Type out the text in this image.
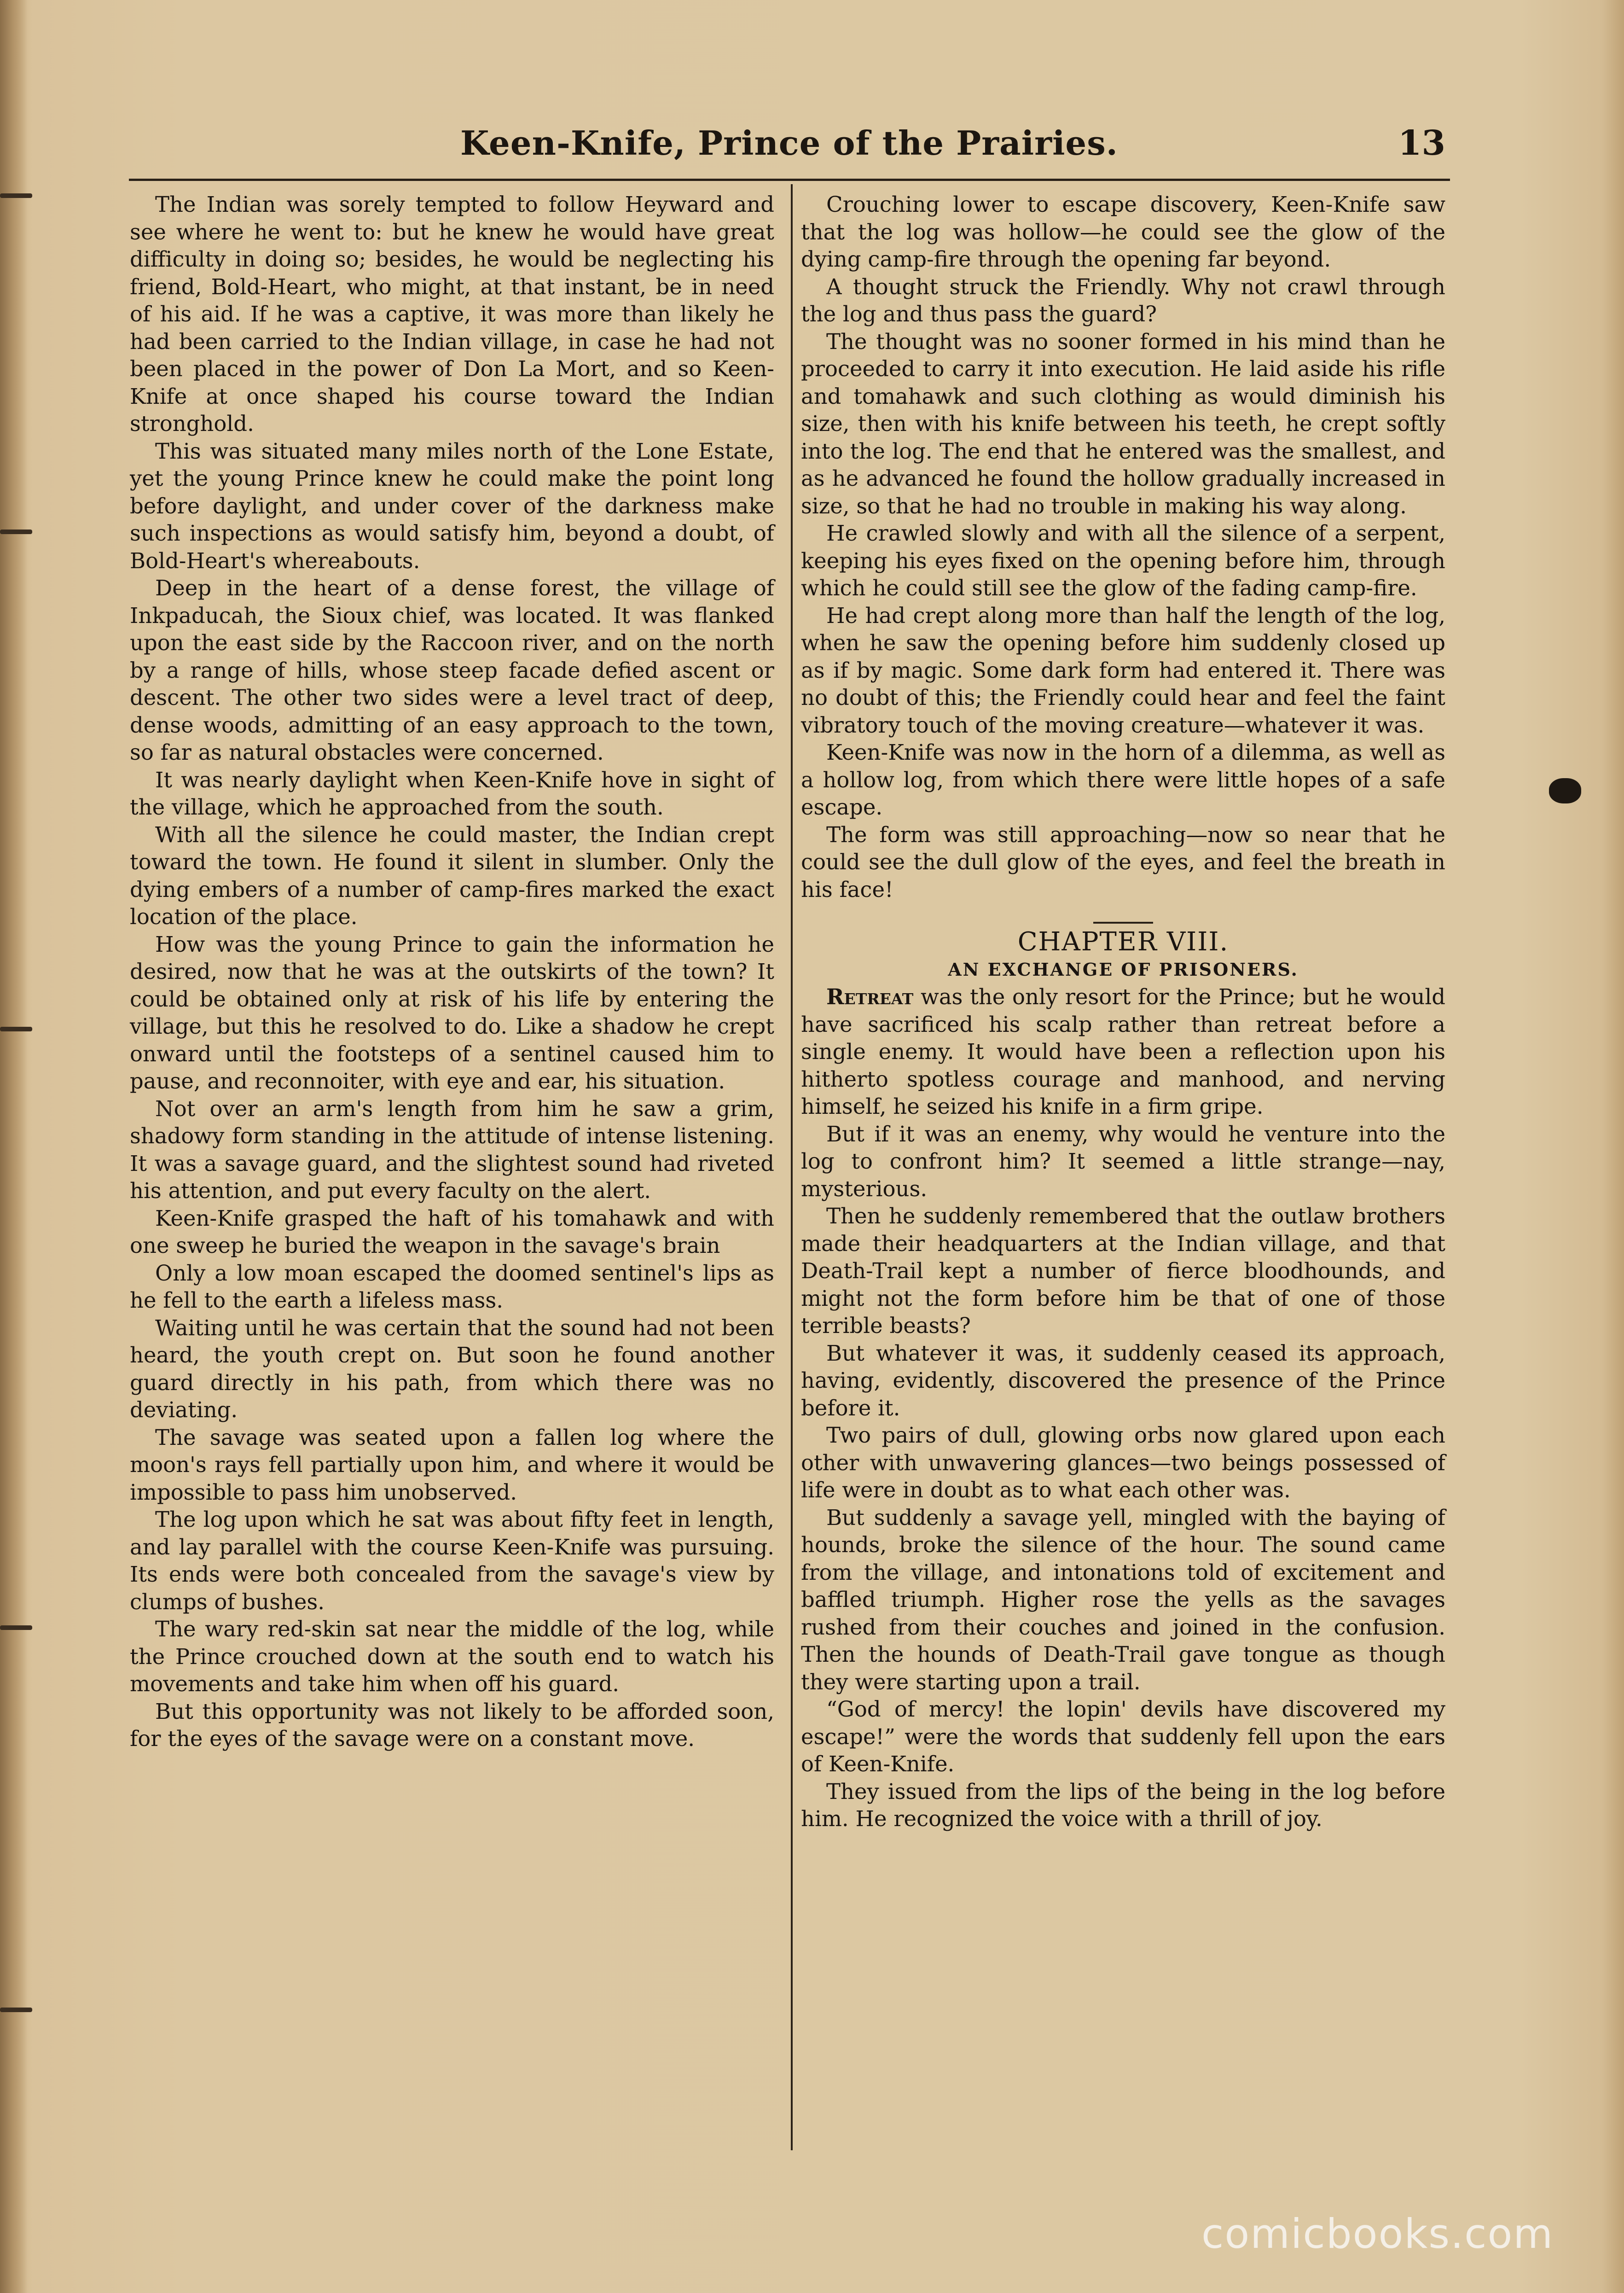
Keen-Knife, Prince of the Prairies.	13

The Indian was sorely tempted to follow Heyward and see where he went to: but he knew he would have great difficulty in doing so; besides, he would be neglecting his friend, Bold-Heart, who might, at that instant, be in need of his aid. If he was a captive, it was more than likely he had been carried to the Indian village, in case he had not been placed in the power of Don La Mort, and so Keen-Knife at once shaped his course toward the Indian stronghold.

This was situated many miles north of the Lone Estate, yet the young Prince knew he could make the point long before daylight, and under cover of the darkness make such inspections as would satisfy him, beyond a doubt, of Bold-Heart's whereabouts.

Deep in the heart of a dense forest, the village of Inkpaducah, the Sioux chief, was located. It was flanked upon the east side by the Raccoon river, and on the north by a range of hills, whose steep facade defied ascent or descent. The other two sides were a level tract of deep, dense woods, admitting of an easy approach to the town, so far as natural obstacles were concerned.

It was nearly daylight when Keen-Knife hove in sight of the village, which he approached from the south.

With all the silence he could master, the Indian crept toward the town. He found it silent in slumber. Only the dying embers of a number of camp-fires marked the exact location of the place.

How was the young Prince to gain the information he desired, now that he was at the outskirts of the town? It could be obtained only at risk of his life by entering the village, but this he resolved to do. Like a shadow he crept onward until the footsteps of a sentinel caused him to pause, and reconnoiter, with eye and ear, his situation.

Not over an arm's length from him he saw a grim, shadowy form standing in the attitude of intense listening. It was a savage guard, and the slightest sound had riveted his attention, and put every faculty on the alert.

Keen-Knife grasped the haft of his tomahawk and with one sweep he buried the weapon in the savage's brain

Only a low moan escaped the doomed sentinel's lips as he fell to the earth a lifeless mass.

Waiting until he was certain that the sound had not been heard, the youth crept on. But soon he found another guard directly in his path, from which there was no deviating.

The savage was seated upon a fallen log where the moon's rays fell partially upon him, and where it would be impossible to pass him unobserved.

The log upon which he sat was about fifty feet in length, and lay parallel with the course Keen-Knife was pursuing. Its ends were both concealed from the savage's view by clumps of bushes.

The wary red-skin sat near the middle of the log, while the Prince crouched down at the south end to watch his movements and take him when off his guard.

But this opportunity was not likely to be afforded soon, for the eyes of the savage were on a constant move.

Crouching lower to escape discovery, Keen-Knife saw that the log was hollow—he could see the glow of the dying camp-fire through the opening far beyond.

A thought struck the Friendly. Why not crawl through the log and thus pass the guard?

The thought was no sooner formed in his mind than he proceeded to carry it into execution. He laid aside his rifle and tomahawk and such clothing as would diminish his size, then with his knife between his teeth, he crept softly into the log. The end that he entered was the smallest, and as he advanced he found the hollow gradually increased in size, so that he had no trouble in making his way along.

He crawled slowly and with all the silence of a serpent, keeping his eyes fixed on the opening before him, through which he could still see the glow of the fading camp-fire.

He had crept along more than half the length of the log, when he saw the opening before him suddenly closed up as if by magic. Some dark form had entered it. There was no doubt of this; the Friendly could hear and feel the faint vibratory touch of the moving creature—whatever it was.

Keen-Knife was now in the horn of a dilemma, as well as a hollow log, from which there were little hopes of a safe escape.

The form was still approaching—now so near that he could see the dull glow of the eyes, and feel the breath in his face!

CHAPTER VIII.

AN EXCHANGE OF PRISONERS.

Retreat was the only resort for the Prince; but he would have sacrificed his scalp rather than retreat before a single enemy. It would have been a reflection upon his hitherto spotless courage and manhood, and nerving himself, he seized his knife in a firm gripe.

But if it was an enemy, why would he venture into the log to confront him? It seemed a little strange—nay, mysterious.

Then he suddenly remembered that the outlaw brothers made their headquarters at the Indian village, and that Death-Trail kept a number of fierce bloodhounds, and might not the form before him be that of one of those terrible beasts?

But whatever it was, it suddenly ceased its approach, having, evidently, discovered the presence of the Prince before it.

Two pairs of dull, glowing orbs now glared upon each other with unwavering glances—two beings possessed of life were in doubt as to what each other was.

But suddenly a savage yell, mingled with the baying of hounds, broke the silence of the hour. The sound came from the village, and intonations told of excitement and baffled triumph. Higher rose the yells as the savages rushed from their couches and joined in the confusion. Then the hounds of Death-Trail gave tongue as though they were starting upon a trail.

“God of mercy! the lopin' devils have discovered my escape!” were the words that suddenly fell upon the ears of Keen-Knife.

They issued from the lips of the being in the log before him. He recognized the voice with a thrill of joy.

comicbooks.com
